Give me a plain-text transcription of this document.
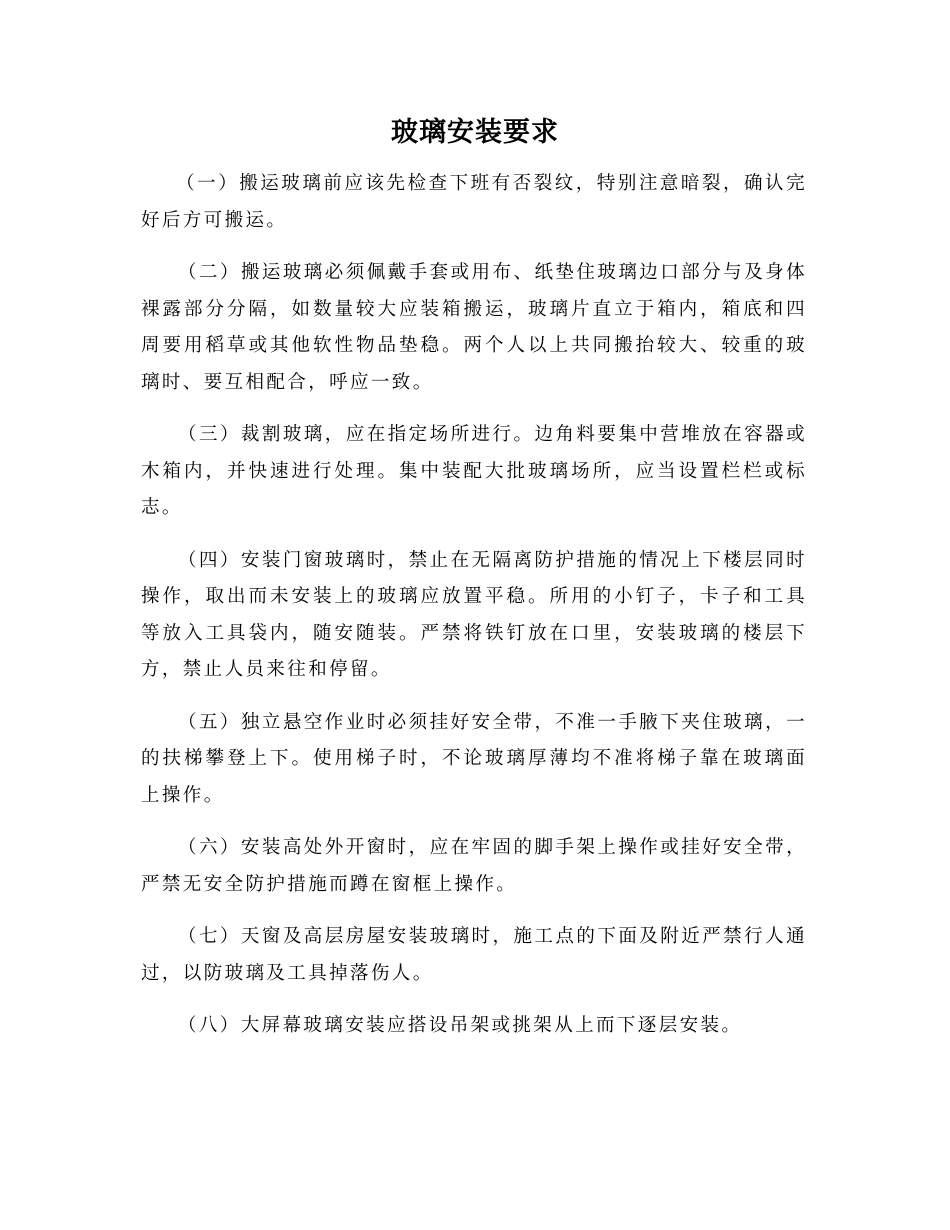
玻璃安装要求

（一）搬运玻璃前应该先检查下班有否裂纹，特别注意暗裂，确认完好后方可搬运。

（二）搬运玻璃必须佩戴手套或用布、纸垫住玻璃边口部分与及身体裸露部分分隔，如数量较大应装箱搬运，玻璃片直立于箱内，箱底和四周要用稻草或其他软性物品垫稳。两个人以上共同搬抬较大、较重的玻璃时、要互相配合，呼应一致。

（三）裁割玻璃，应在指定场所进行。边角料要集中营堆放在容器或木箱内，并快速进行处理。集中装配大批玻璃场所，应当设置栏栏或标志。

（四）安装门窗玻璃时，禁止在无隔离防护措施的情况上下楼层同时操作，取出而未安装上的玻璃应放置平稳。所用的小钉子，卡子和工具等放入工具袋内，随安随装。严禁将铁钉放在口里，安装玻璃的楼层下方，禁止人员来往和停留。

（五）独立悬空作业时必须挂好安全带，不准一手腋下夹住玻璃，一的扶梯攀登上下。使用梯子时，不论玻璃厚薄均不准将梯子靠在玻璃面上操作。

（六）安装高处外开窗时，应在牢固的脚手架上操作或挂好安全带，严禁无安全防护措施而蹲在窗框上操作。

（七）天窗及高层房屋安装玻璃时，施工点的下面及附近严禁行人通过，以防玻璃及工具掉落伤人。

（八）大屏幕玻璃安装应搭设吊架或挑架从上而下逐层安装。
